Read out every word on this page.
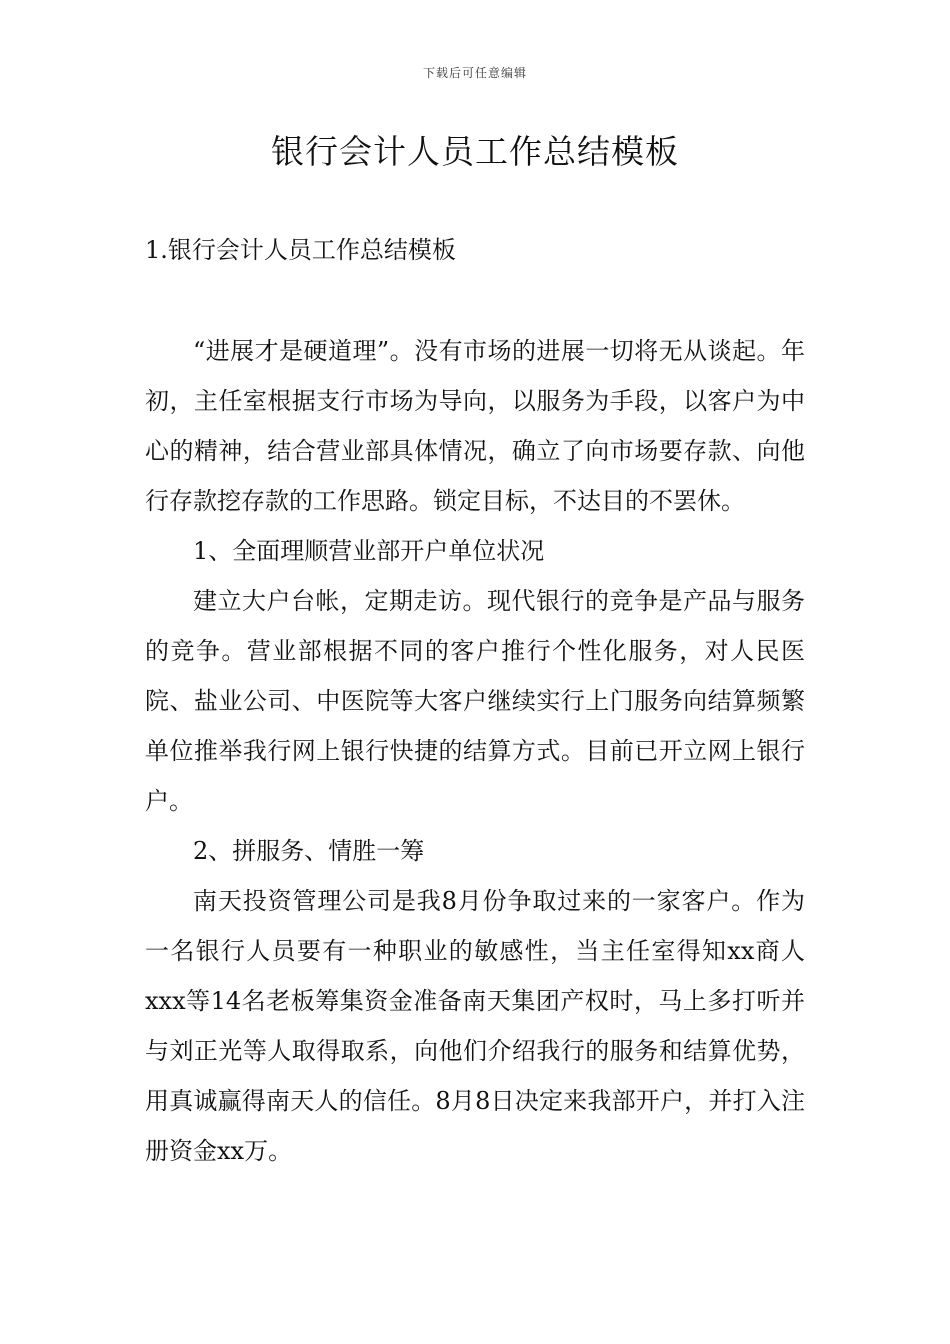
下载后可任意编辑
银行会计人员工作总结模板
1.银行会计人员工作总结模板

“进展才是硬道理”。没有市场的进展一切将无从谈起。年初，主任室根据支行市场为导向，以服务为手段，以客户为中心的精神，结合营业部具体情况，确立了向市场要存款、向他行存款挖存款的工作思路。锁定目标，不达目的不罢休。

1、全面理顺营业部开户单位状况

建立大户台帐，定期走访。现代银行的竞争是产品与服务的竞争。营业部根据不同的客户推行个性化服务，对人民医院、盐业公司、中医院等大客户继续实行上门服务向结算频繁单位推举我行网上银行快捷的结算方式。目前已开立网上银行户。

2、拼服务、情胜一筹

南天投资管理公司是我8月份争取过来的一家客户。作为一名银行人员要有一种职业的敏感性，当主任室得知xx商人xxx等14名老板筹集资金准备南天集团产权时，马上多打听并与刘正光等人取得取系，向他们介绍我行的服务和结算优势，用真诚赢得南天人的信任。8月8日决定来我部开户，并打入注册资金xx万。
